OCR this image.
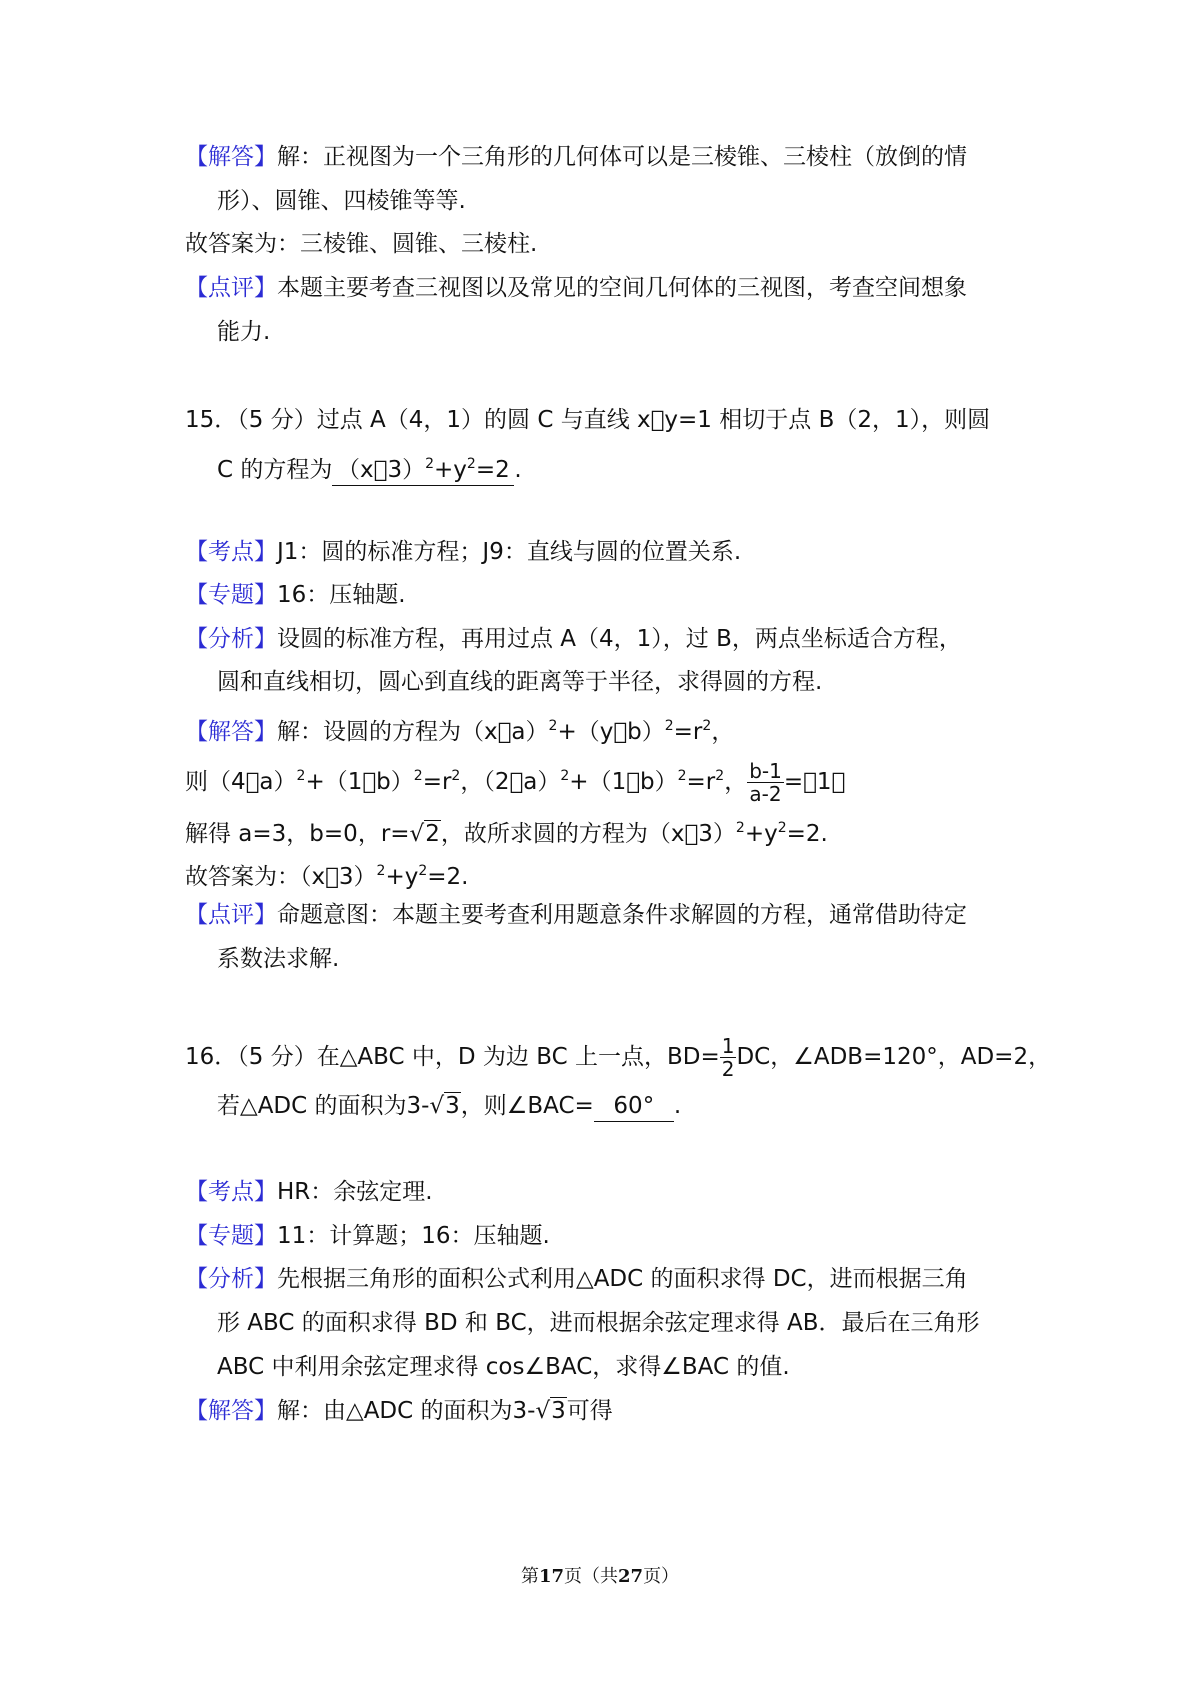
【解答】解：正视图为一个三角形的几何体可以是三棱锥、三棱柱（放倒的情
形）、圆锥、四棱锥等等.
故答案为：三棱锥、圆锥、三棱柱.
【点评】本题主要考查三视图以及常见的空间几何体的三视图，考查空间想象
能力.
15．（5 分）过点 A（4，1）的圆 C 与直线 x￿y=1 相切于点 B（2，1），则圆
C 的方程为 $(x￿3)^2+y^2=2$ .
【考点】J1：圆的标准方程；J9：直线与圆的位置关系.
【专题】16：压轴题.
【分析】设圆的标准方程，再用过点 A（4，1），过 B，两点坐标适合方程，
圆和直线相切，圆心到直线的距离等于半径，求得圆的方程.
【解答】解：设圆的方程为$(x￿a)^2+(y￿b)^2=r^2$，
则$(4￿a)^2+(1￿b)^2=r^2$，$(2￿a)^2+(1￿b)^2=r^2$， $\frac{b-1}{a-2}$ =￿1，
解得 a=3，b=0，r=√2，故所求圆的方程为$(x￿3)^2+y^2=2$.
故答案为：$(x￿3)^2+y^2=2$.
【点评】命题意图：本题主要考查利用题意条件求解圆的方程，通常借助待定
系数法求解.
16．（5 分）在△ABC 中，D 为边 BC 上一点，$BD= \frac{1}{2}$ DC，∠ADB=120°，AD=2，
若△ADC 的面积为3-√3，则∠BAC= 60° .
【考点】HR：余弦定理.
【专题】11：计算题；16：压轴题.
【分析】先根据三角形的面积公式利用△ADC 的面积求得 DC，进而根据三角
形 ABC 的面积求得 BD 和 BC，进而根据余弦定理求得 AB．最后在三角形
ABC 中利用余弦定理求得 cos∠BAC，求得∠BAC 的值.
【解答】解：由△ADC 的面积为3-√3可得
第17页（共27页）
